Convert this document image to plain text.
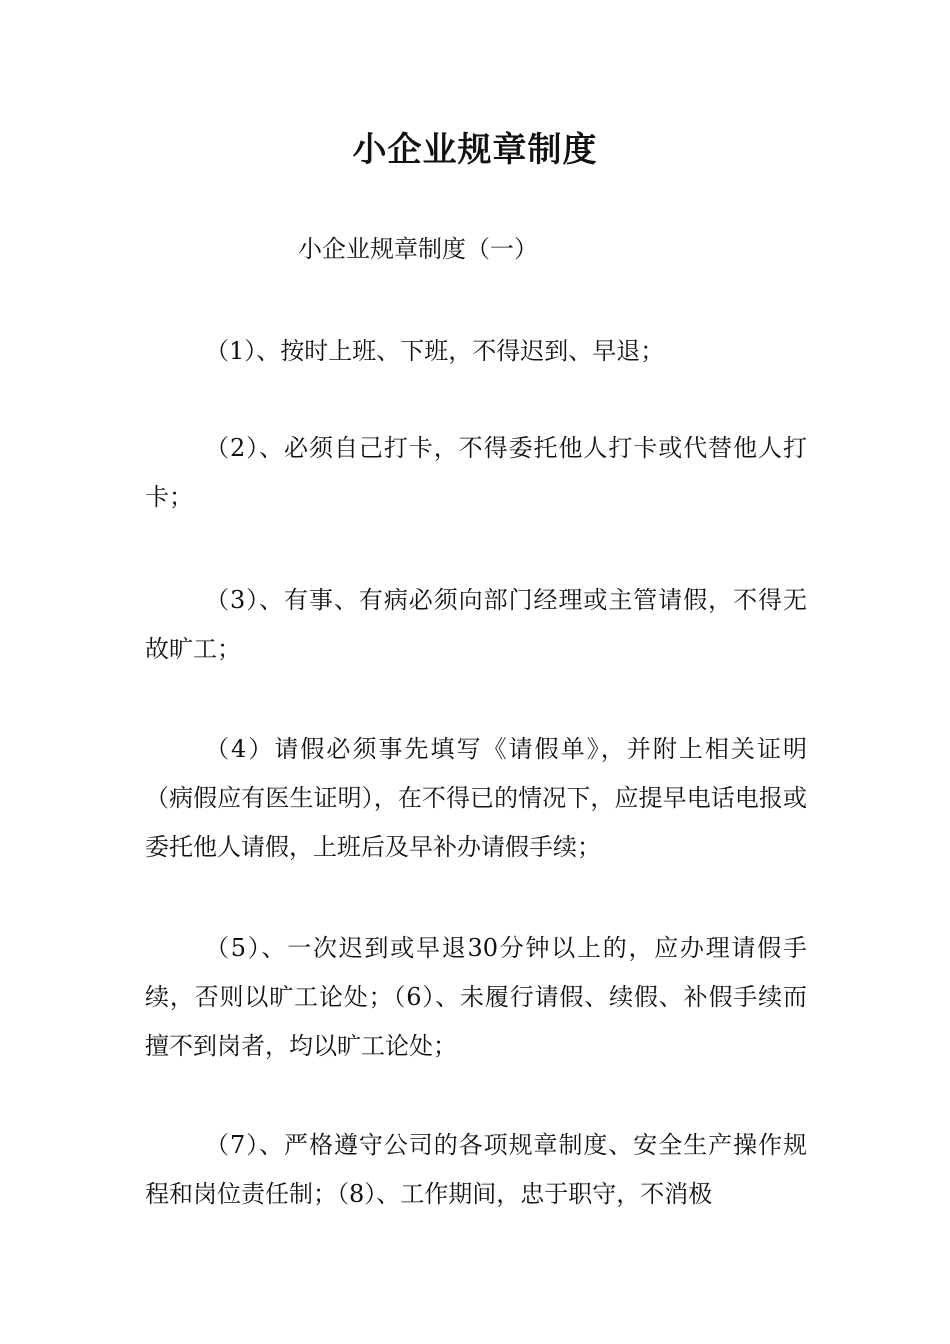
小企业规章制度

小企业规章制度（一）

（1）、按时上班、下班，不得迟到、早退；

（2）、必须自己打卡，不得委托他人打卡或代替他人打卡；

（3）、有事、有病必须向部门经理或主管请假，不得无故旷工；

（4）请假必须事先填写《请假单》，并附上相关证明（病假应有医生证明），在不得已的情况下，应提早电话电报或委托他人请假，上班后及早补办请假手续；

（5）、一次迟到或早退30分钟以上的，应办理请假手续，否则以旷工论处；（6）、未履行请假、续假、补假手续而擅不到岗者，均以旷工论处；

（7）、严格遵守公司的各项规章制度、安全生产操作规程和岗位责任制；（8）、工作期间，忠于职守，不消极
